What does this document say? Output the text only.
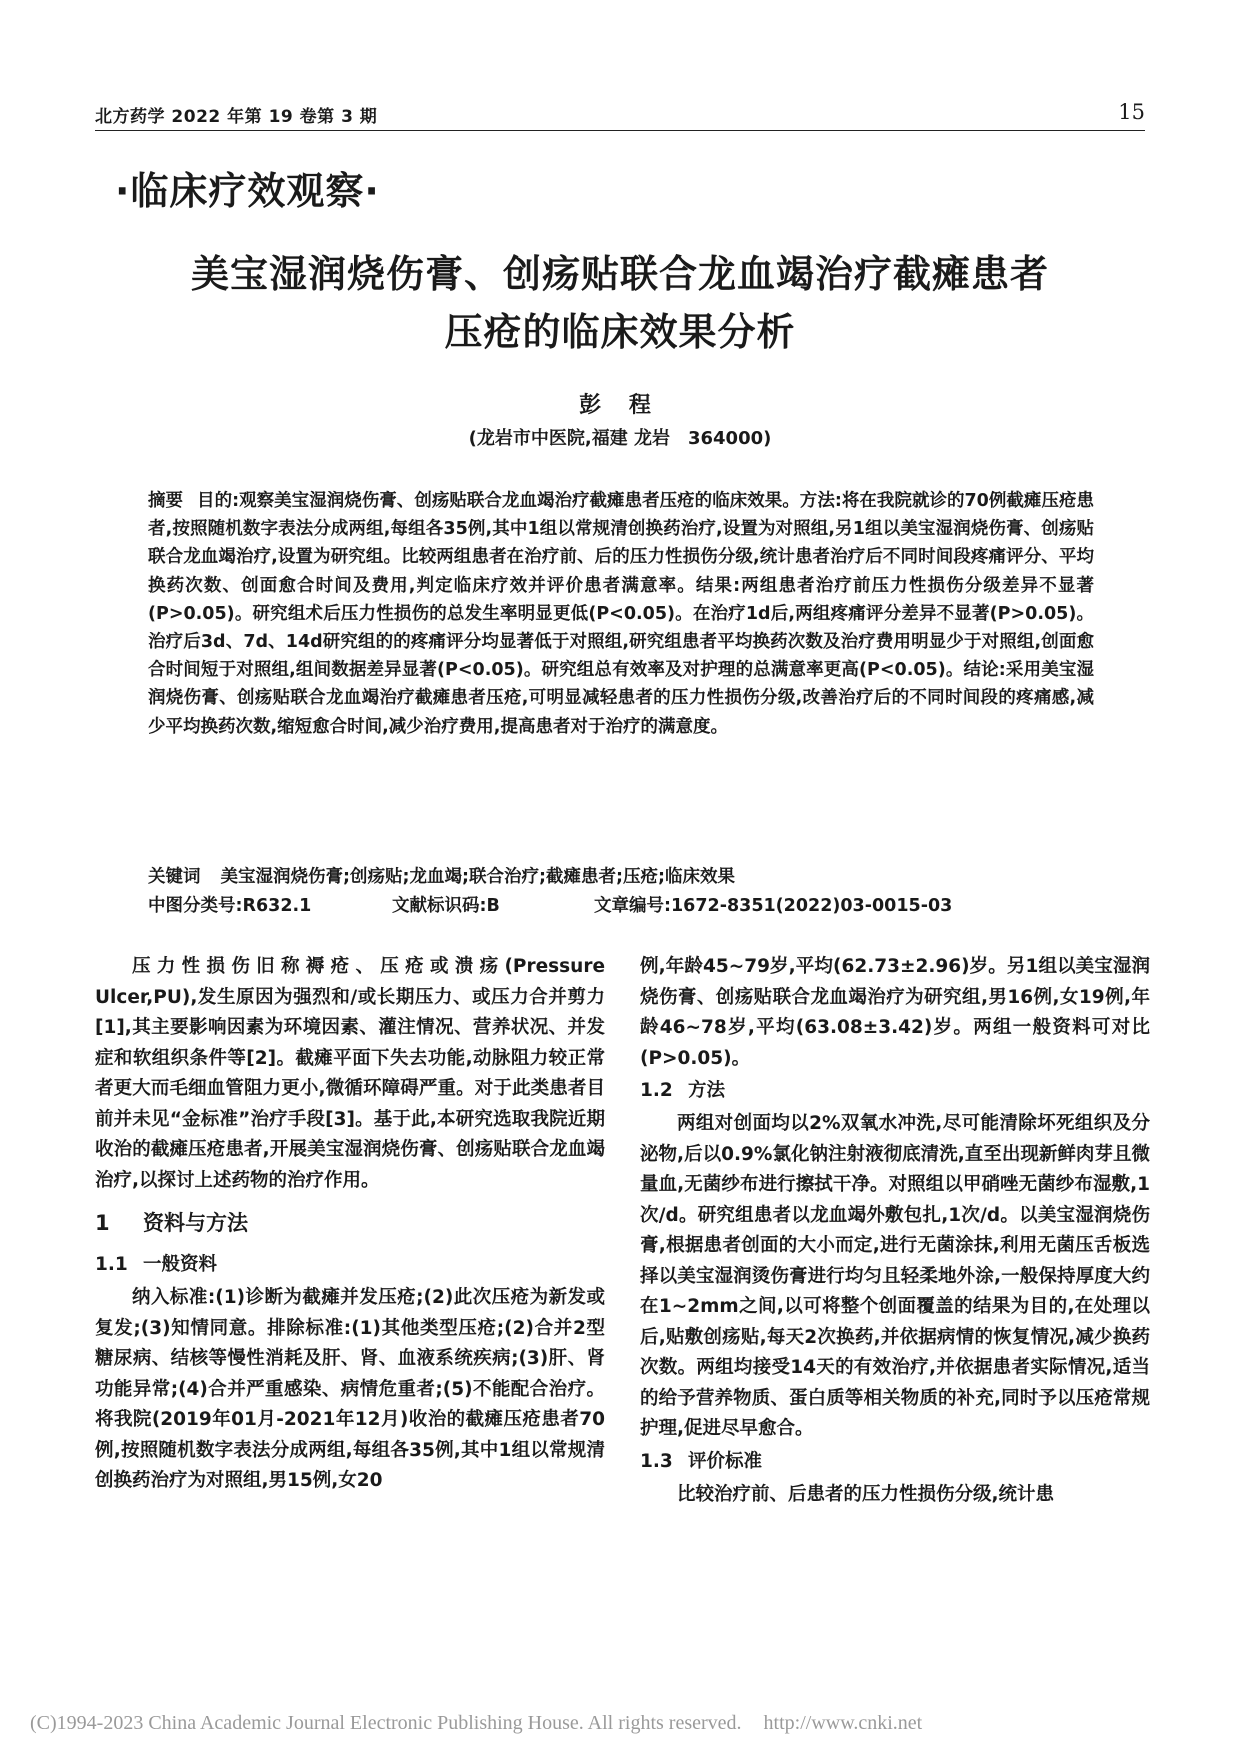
北方药学 2022 年第 19 卷第 3 期	15
·临床疗效观察·
美宝湿润烧伤膏、创疡贴联合龙血竭治疗截瘫患者
压疮的临床效果分析
彭 程
(龙岩市中医院,福建 龙岩　364000)
摘要 目的:观察美宝湿润烧伤膏、创疡贴联合龙血竭治疗截瘫患者压疮的临床效果。方法:将在我院就诊的70例截瘫压疮患者,按照随机数字表法分成两组,每组各35例,其中1组以常规清创换药治疗,设置为对照组,另1组以美宝湿润烧伤膏、创疡贴联合龙血竭治疗,设置为研究组。比较两组患者在治疗前、后的压力性损伤分级,统计患者治疗后不同时间段疼痛评分、平均换药次数、创面愈合时间及费用,判定临床疗效并评价患者满意率。结果:两组患者治疗前压力性损伤分级差异不显著(P>0.05)。研究组术后压力性损伤的总发生率明显更低(P<0.05)。在治疗1d后,两组疼痛评分差异不显著(P>0.05)。治疗后3d、7d、14d研究组的的疼痛评分均显著低于对照组,研究组患者平均换药次数及治疗费用明显少于对照组,创面愈合时间短于对照组,组间数据差异显著(P<0.05)。研究组总有效率及对护理的总满意率更高(P<0.05)。结论:采用美宝湿润烧伤膏、创疡贴联合龙血竭治疗截瘫患者压疮,可明显减轻患者的压力性损伤分级,改善治疗后的不同时间段的疼痛感,减少平均换药次数,缩短愈合时间,减少治疗费用,提高患者对于治疗的满意度。
关键词 美宝湿润烧伤膏;创疡贴;龙血竭;联合治疗;截瘫患者;压疮;临床效果
中图分类号:R632.1	文献标识码:B	文章编号:1672-8351(2022)03-0015-03

压力性损伤旧称褥疮、压疮或溃疡(Pressure Ulcer,PU),发生原因为强烈和/或长期压力、或压力合并剪力[1],其主要影响因素为环境因素、灌注情况、营养状况、并发症和软组织条件等[2]。截瘫平面下失去功能,动脉阻力较正常者更大而毛细血管阻力更小,微循环障碍严重。对于此类患者目前并未见“金标准”治疗手段[3]。基于此,本研究选取我院近期收治的截瘫压疮患者,开展美宝湿润烧伤膏、创疡贴联合龙血竭治疗,以探讨上述药物的治疗作用。

1 资料与方法
1.1 一般资料

纳入标准:(1)诊断为截瘫并发压疮;(2)此次压疮为新发或复发;(3)知情同意。排除标准:(1)其他类型压疮;(2)合并2型糖尿病、结核等慢性消耗及肝、肾、血液系统疾病;(3)肝、肾功能异常;(4)合并严重感染、病情危重者;(5)不能配合治疗。将我院(2019年01月-2021年12月)收治的截瘫压疮患者70例,按照随机数字表法分成两组,每组各35例,其中1组以常规清创换药治疗为对照组,男15例,女20

例,年龄45~79岁,平均(62.73±2.96)岁。另1组以美宝湿润烧伤膏、创疡贴联合龙血竭治疗为研究组,男16例,女19例,年龄46~78岁,平均(63.08±3.42)岁。两组一般资料可对比(P>0.05)。

1.2 方法

两组对创面均以2%双氧水冲洗,尽可能清除坏死组织及分泌物,后以0.9%氯化钠注射液彻底清洗,直至出现新鲜肉芽且微量血,无菌纱布进行擦拭干净。对照组以甲硝唑无菌纱布湿敷,1次/d。研究组患者以龙血竭外敷包扎,1次/d。以美宝湿润烧伤膏,根据患者创面的大小而定,进行无菌涂抹,利用无菌压舌板选择以美宝湿润烫伤膏进行均匀且轻柔地外涂,一般保持厚度大约在1~2mm之间,以可将整个创面覆盖的结果为目的,在处理以后,贴敷创疡贴,每天2次换药,并依据病情的恢复情况,减少换药次数。两组均接受14天的有效治疗,并依据患者实际情况,适当的给予营养物质、蛋白质等相关物质的补充,同时予以压疮常规护理,促进尽早愈合。

1.3 评价标准

比较治疗前、后患者的压力性损伤分级,统计患

(C)1994-2023 China Academic Journal Electronic Publishing House. All rights reserved. http://www.cnki.net
